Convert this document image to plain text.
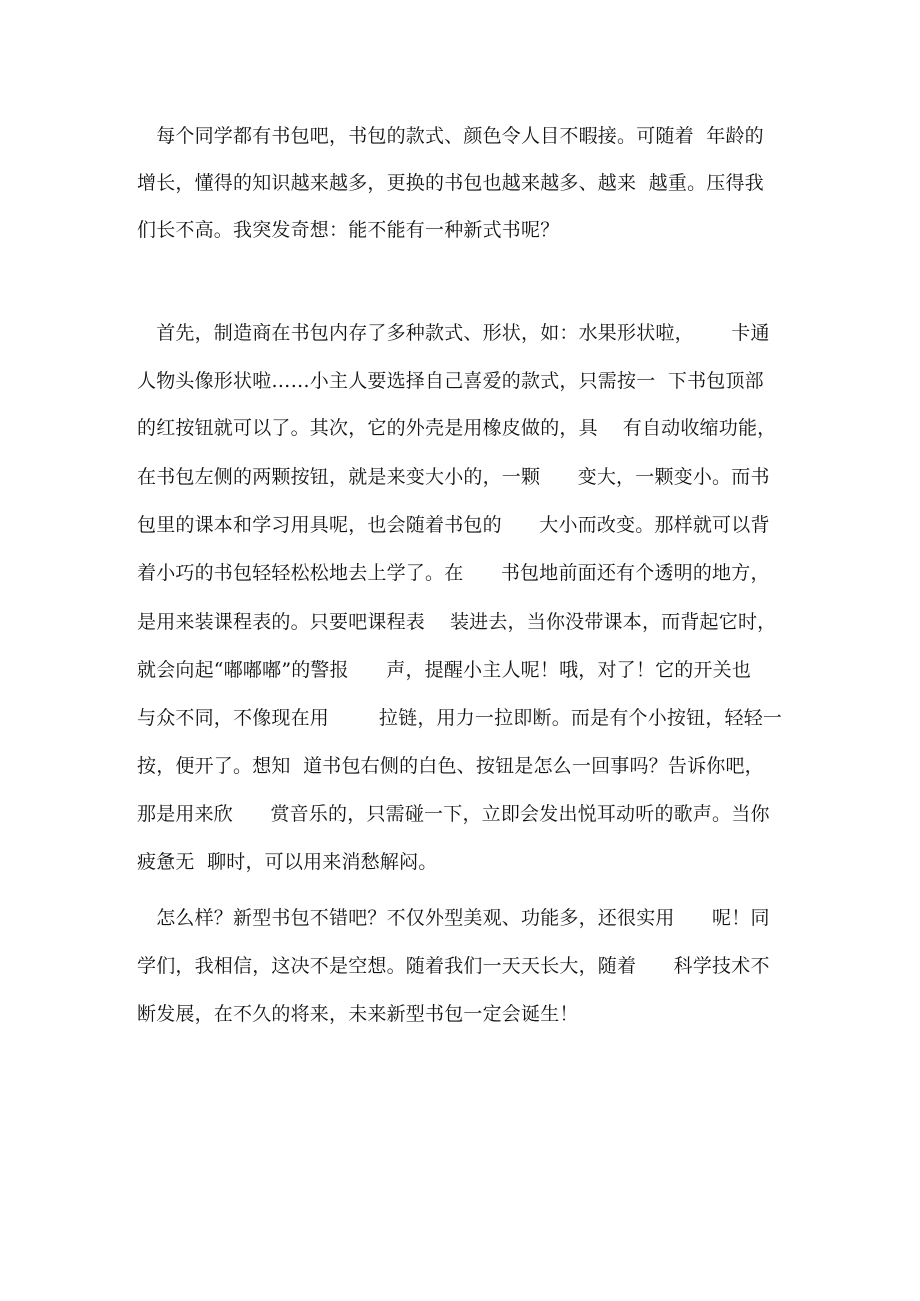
　每个同学都有书包吧，书包的款式、颜色令人目不暇接。可随着  年龄的
增长，懂得的知识越来越多，更换的书包也越来越多、越来  越重。压得我
们长不高。我突发奇想：能不能有一种新式书呢？
　首先，制造商在书包内存了多种款式、形状，如：水果形状啦，      卡通
人物头像形状啦……小主人要选择自己喜爱的款式，只需按一  下书包顶部
的红按钮就可以了。其次，它的外壳是用橡皮做的，具    有自动收缩功能，
在书包左侧的两颗按钮，就是来变大小的，一颗      变大，一颗变小。而书
包里的课本和学习用具呢，也会随着书包的      大小而改变。那样就可以背
着小巧的书包轻轻松松地去上学了。在      书包地前面还有个透明的地方，
是用来装课程表的。只要吧课程表    装进去，当你没带课本，而背起它时，
就会向起“嘟嘟嘟”的警报      声，提醒小主人呢！哦，对了！它的开关也
与众不同，不像现在用        拉链，用力一拉即断。而是有个小按钮，轻轻一
按，便开了。想知  道书包右侧的白色、按钮是怎么一回事吗？告诉你吧，
那是用来欣      赏音乐的，只需碰一下，立即会发出悦耳动听的歌声。当你
疲惫无  聊时，可以用来消愁解闷。
　怎么样？新型书包不错吧？不仅外型美观、功能多，还很实用      呢！同
学们，我相信，这决不是空想。随着我们一天天长大，随着      科学技术不
断发展，在不久的将来，未来新型书包一定会诞生！
